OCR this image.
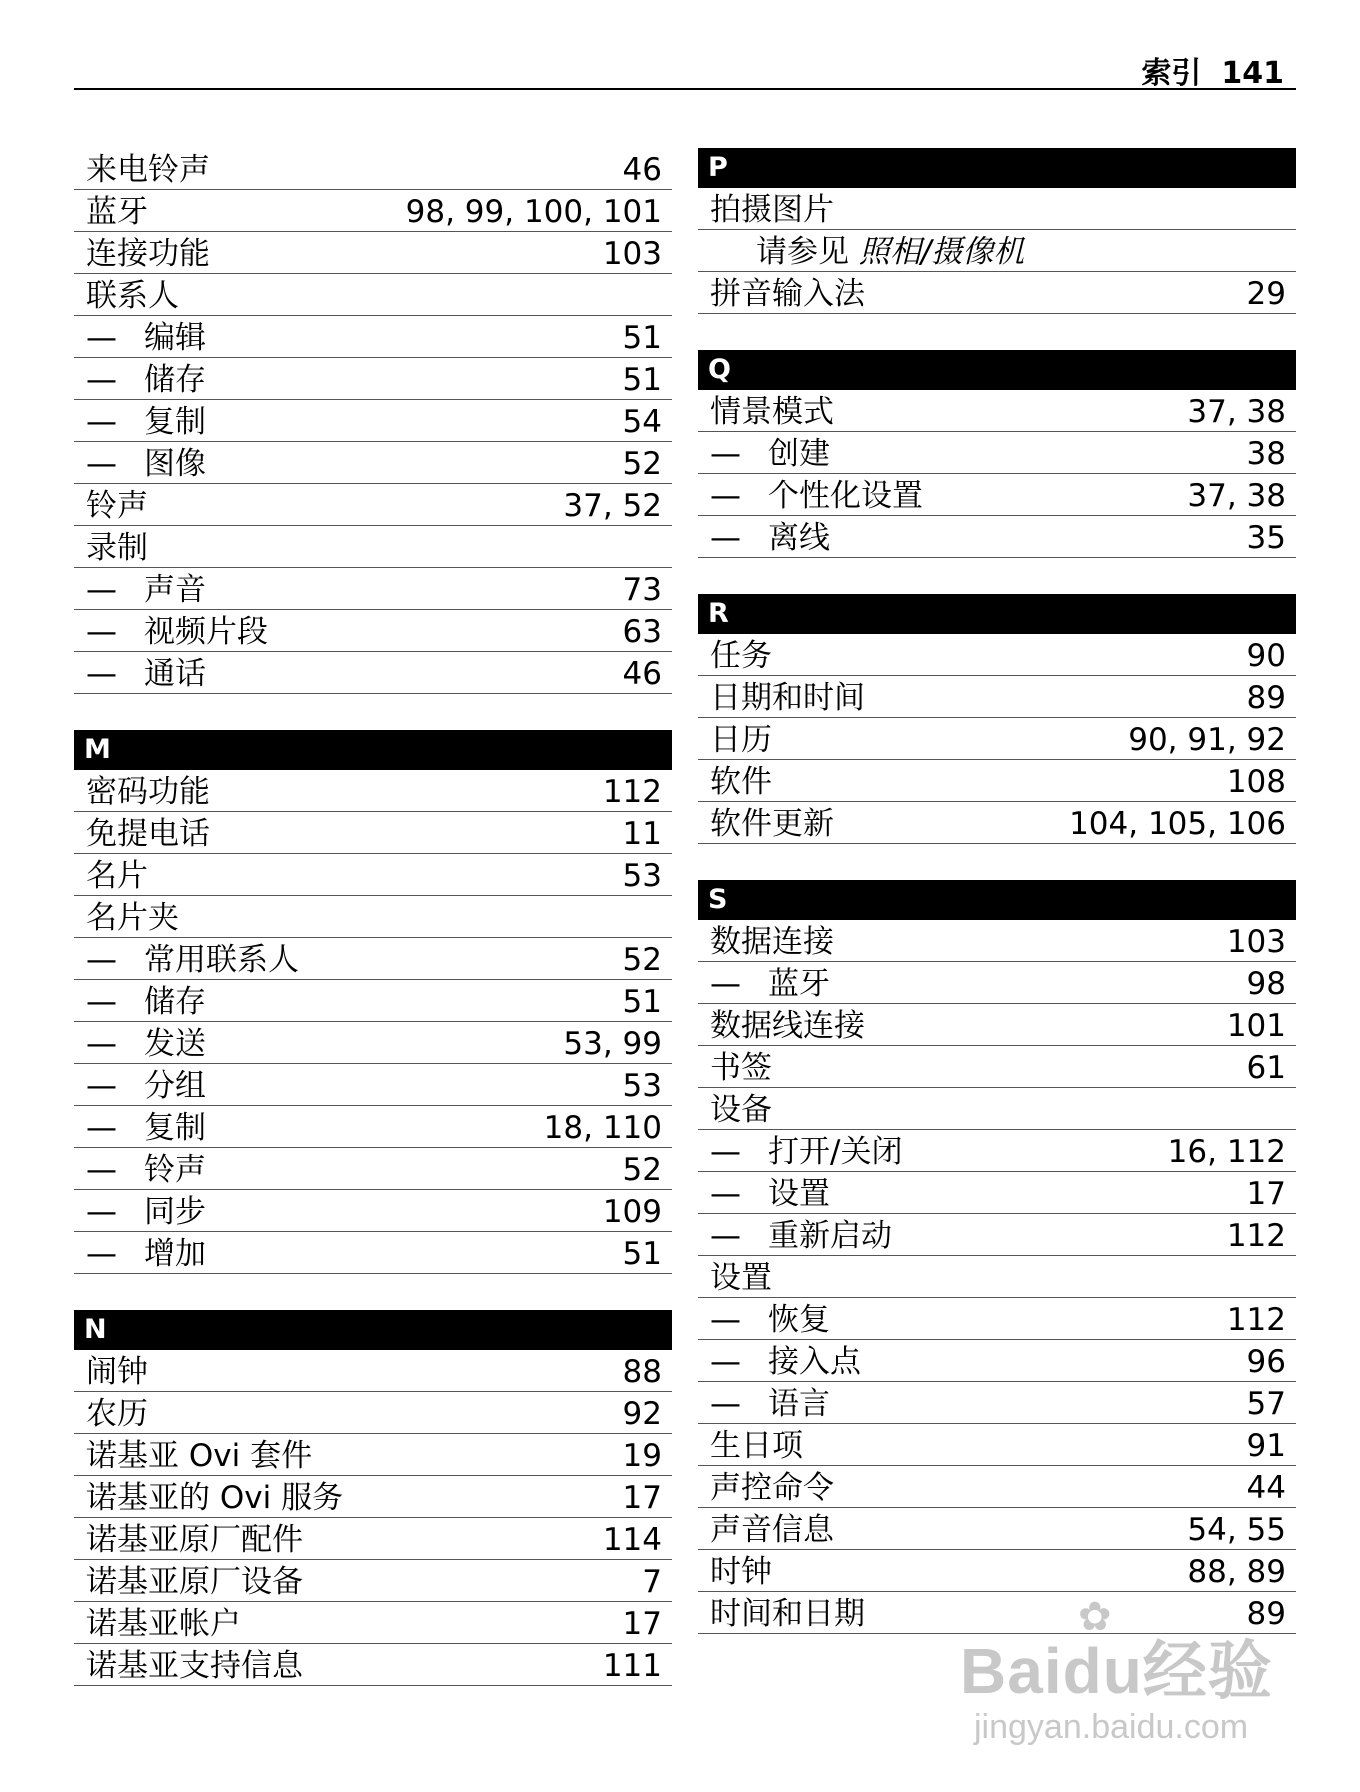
索引 141
来电铃声	46
蓝牙	98, 99, 100, 101
连接功能	103
联系人
— 编辑	51
— 储存	51
— 复制	54
— 图像	52
铃声	37, 52
录制
— 声音	73
— 视频片段	63
— 通话	46
M
密码功能	112
免提电话	11
名片	53
名片夹
— 常用联系人	52
— 储存	51
— 发送	53, 99
— 分组	53
— 复制	18, 110
— 铃声	52
— 同步	109
— 增加	51
N
闹钟	88
农历	92
诺基亚 Ovi 套件	19
诺基亚的 Ovi 服务	17
诺基亚原厂配件	114
诺基亚原厂设备	7
诺基亚帐户	17
诺基亚支持信息	111
P
拍摄图片
请参见 照相/摄像机
拼音输入法	29
Q
情景模式	37, 38
— 创建	38
— 个性化设置	37, 38
— 离线	35
R
任务	90
日期和时间	89
日历	90, 91, 92
软件	108
软件更新	104, 105, 106
S
数据连接	103
— 蓝牙	98
数据线连接	101
书签	61
设备
— 打开/关闭	16, 112
— 设置	17
— 重新启动	112
设置
— 恢复	112
— 接入点	96
— 语言	57
生日项	91
声控命令	44
声音信息	54, 55
时钟	88, 89
时间和日期	89
Baidu经验
✿
jingyan.baidu.com
